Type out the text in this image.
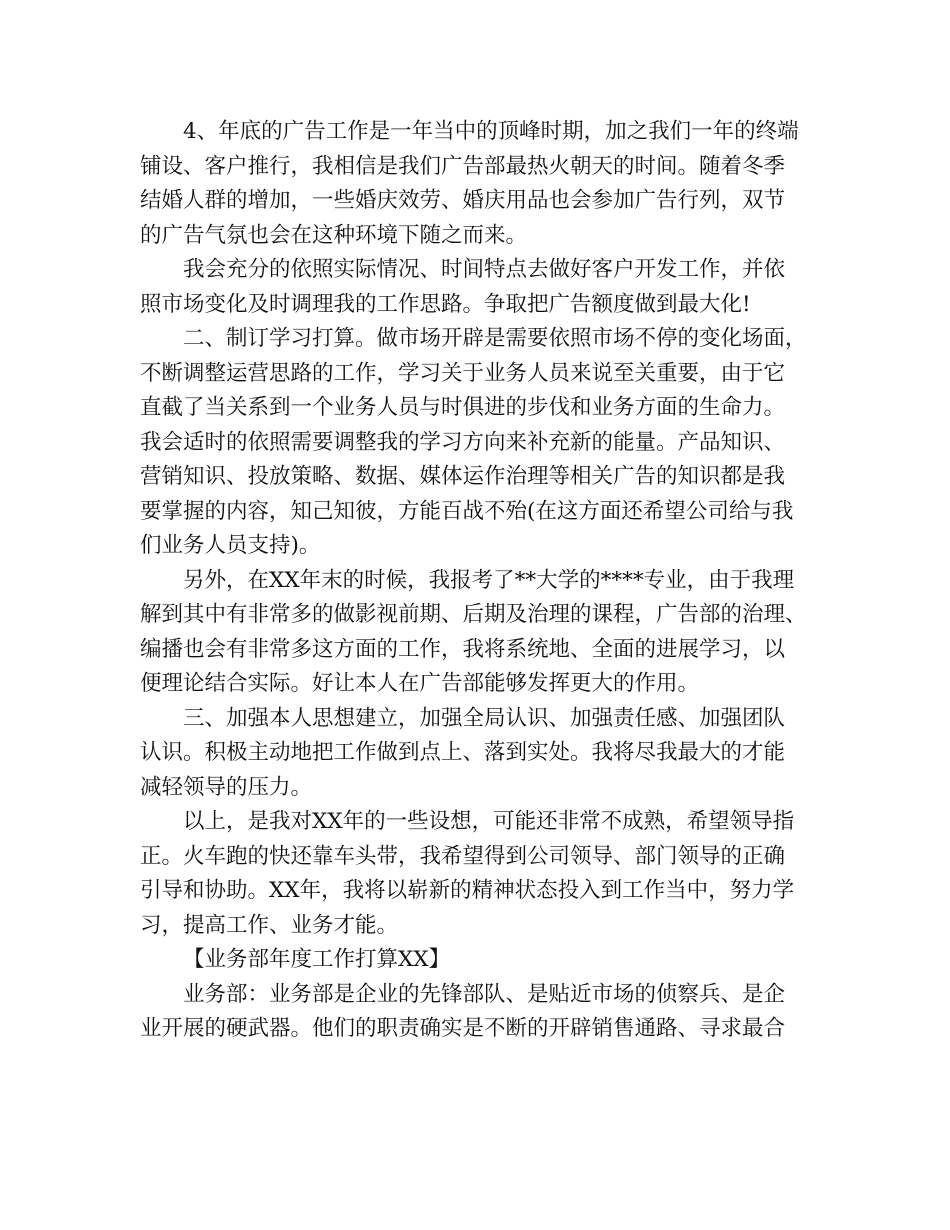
4、年底的广告工作是一年当中的顶峰时期，加之我们一年的终端
铺设、客户推行，我相信是我们广告部最热火朝天的时间。随着冬季
结婚人群的增加，一些婚庆效劳、婚庆用品也会参加广告行列，双节
的广告气氛也会在这种环境下随之而来。
我会充分的依照实际情况、时间特点去做好客户开发工作，并依
照市场变化及时调理我的工作思路。争取把广告额度做到最大化!
二、制订学习打算。做市场开辟是需要依照市场不停的变化场面，
不断调整运营思路的工作，学习关于业务人员来说至关重要，由于它
直截了当关系到一个业务人员与时俱进的步伐和业务方面的生命力。
我会适时的依照需要调整我的学习方向来补充新的能量。产品知识、
营销知识、投放策略、数据、媒体运作治理等相关广告的知识都是我
要掌握的内容，知己知彼，方能百战不殆(在这方面还希望公司给与我
们业务人员支持)。
另外，在XX年末的时候，我报考了**大学的****专业，由于我理
解到其中有非常多的做影视前期、后期及治理的课程，广告部的治理、
编播也会有非常多这方面的工作，我将系统地、全面的进展学习，以
便理论结合实际。好让本人在广告部能够发挥更大的作用。
三、加强本人思想建立，加强全局认识、加强责任感、加强团队
认识。积极主动地把工作做到点上、落到实处。我将尽我最大的才能
减轻领导的压力。
以上，是我对XX年的一些设想，可能还非常不成熟，希望领导指
正。火车跑的快还靠车头带，我希望得到公司领导、部门领导的正确
引导和协助。XX年，我将以崭新的精神状态投入到工作当中，努力学
习，提高工作、业务才能。
【业务部年度工作打算XX】
业务部：业务部是企业的先锋部队、是贴近市场的侦察兵、是企
业开展的硬武器。他们的职责确实是不断的开辟销售通路、寻求最合
